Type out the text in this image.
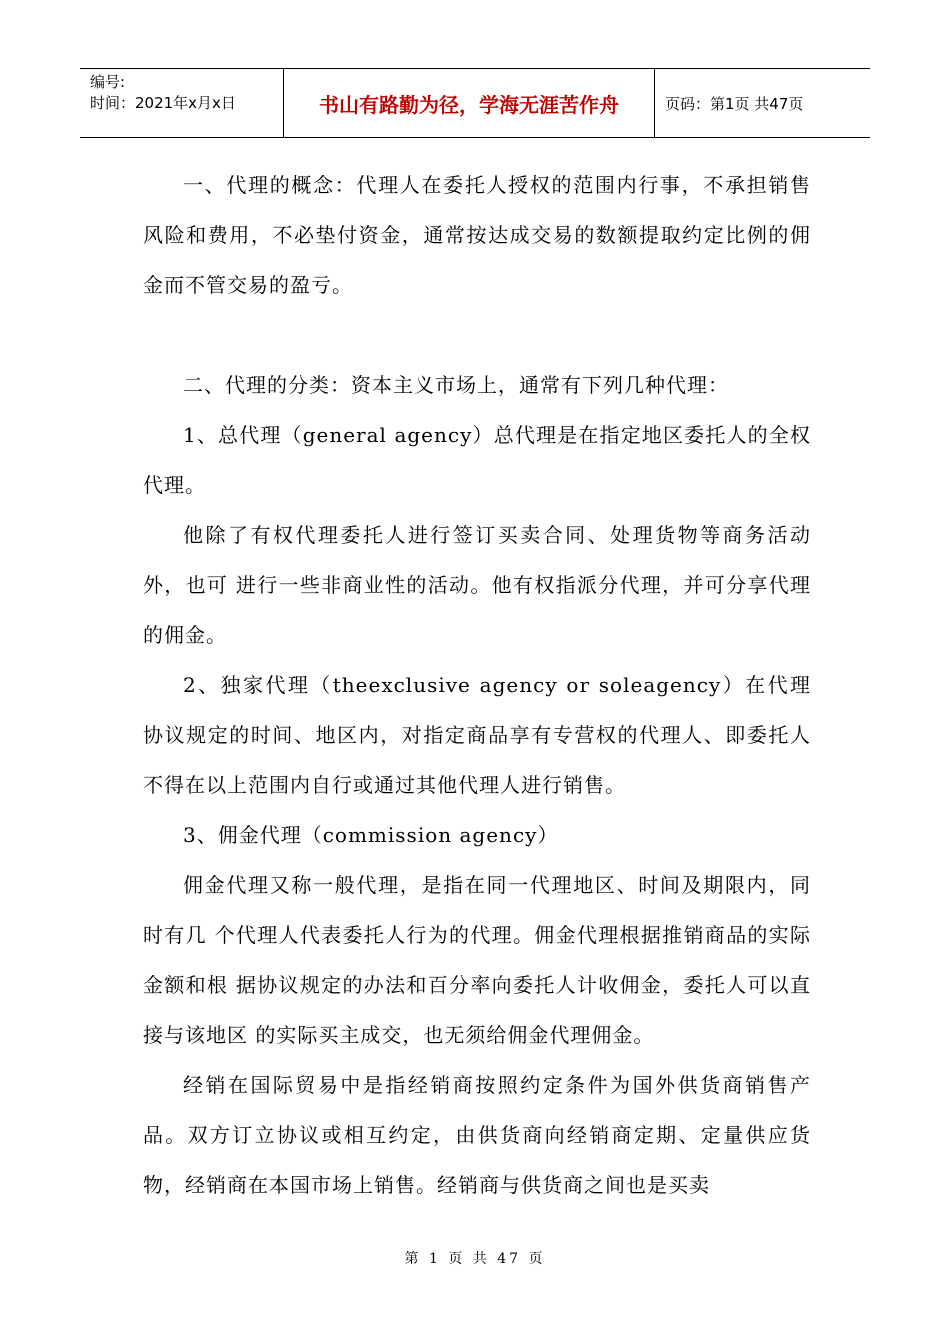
编号:
时间：2021年x月x日	书山有路勤为径，学海无涯苦作舟	页码：第1页 共47页

一、代理的概念：代理人在委托人授权的范围内行事，不承担销售风险和费用，不必垫付资金，通常按达成交易的数额提取约定比例的佣金而不管交易的盈亏。

二、代理的分类：资本主义市场上，通常有下列几种代理：

1、总代理（general agency）总代理是在指定地区委托人的全权代理。

他除了有权代理委托人进行签订买卖合同、处理货物等商务活动外，也可 进行一些非商业性的活动。他有权指派分代理，并可分享代理的佣金。

2、独家代理（theexclusive agency or soleagency）在代理协议规定的时间、地区内，对指定商品享有专营权的代理人、即委托人不得在以上范围内自行或通过其他代理人进行销售。

3、佣金代理（commission agency）

佣金代理又称一般代理，是指在同一代理地区、时间及期限内，同时有几 个代理人代表委托人行为的代理。佣金代理根据推销商品的实际金额和根 据协议规定的办法和百分率向委托人计收佣金，委托人可以直接与该地区 的实际买主成交，也无须给佣金代理佣金。

经销在国际贸易中是指经销商按照约定条件为国外供货商销售产品。双方订立协议或相互约定，由供货商向经销商定期、定量供应货物，经销商在本国市场上销售。经销商与供货商之间也是买卖

第 1 页 共 47 页
